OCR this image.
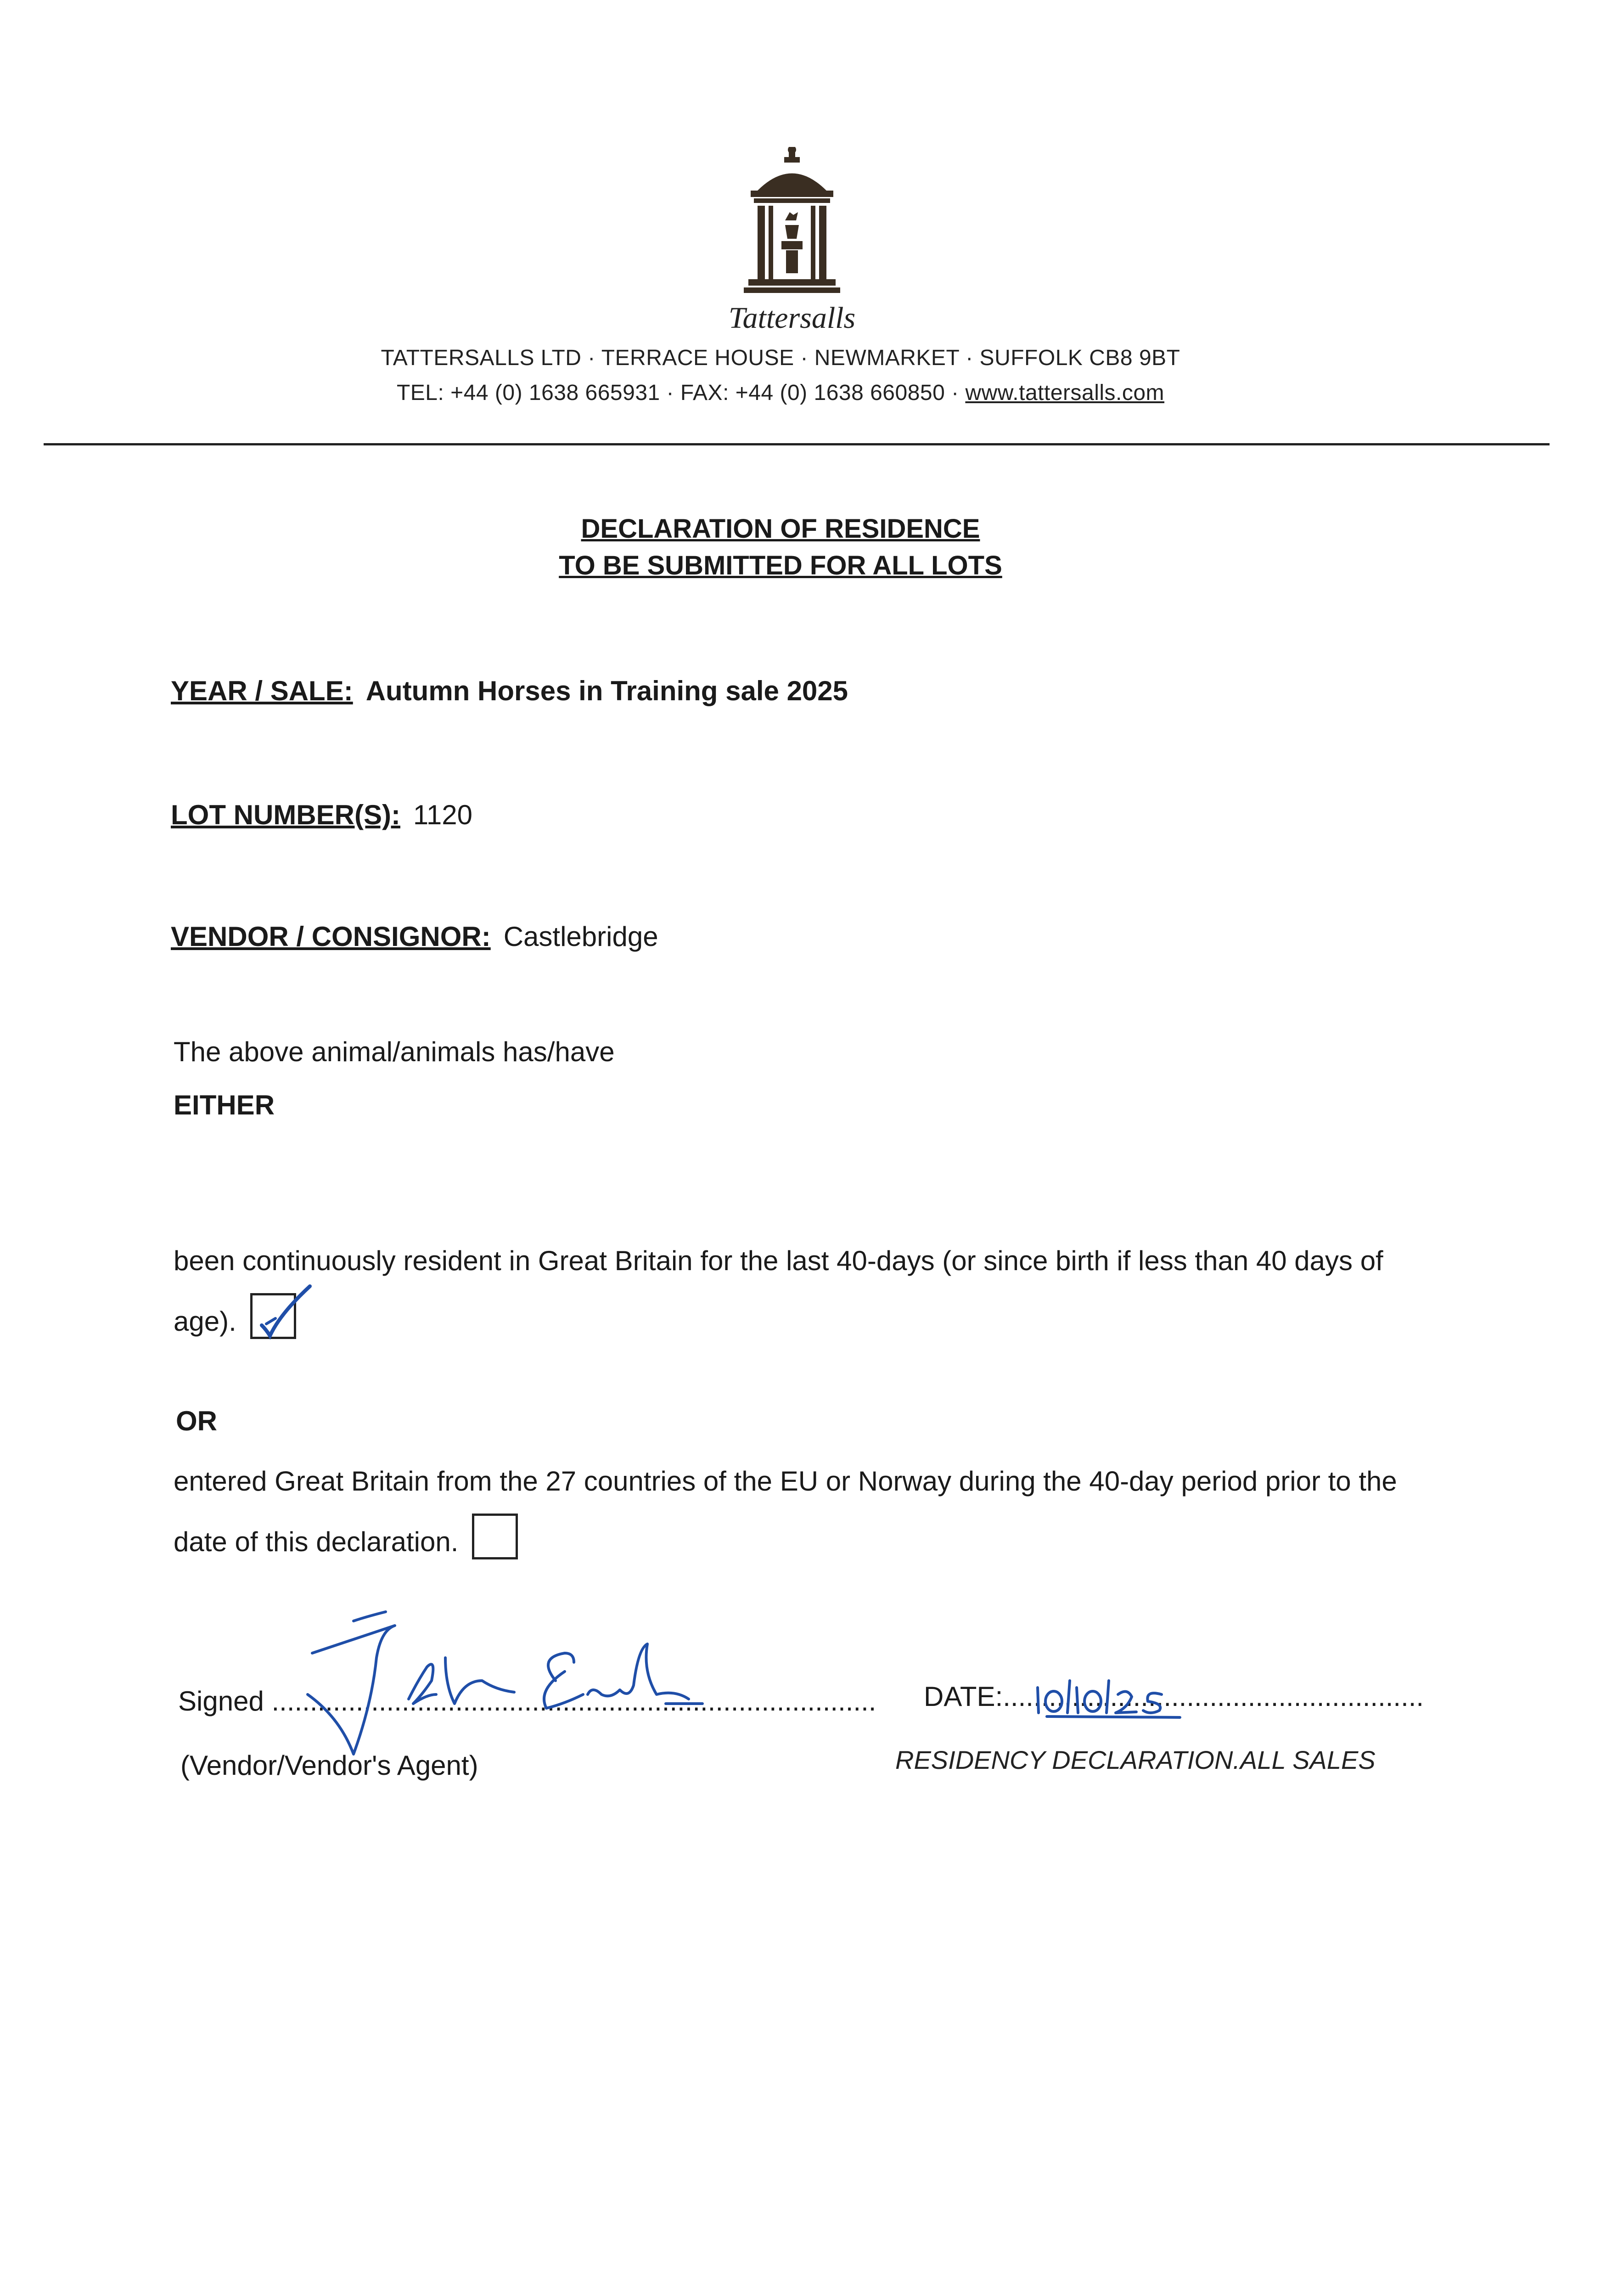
Tattersalls
TATTERSALLS LTD · TERRACE HOUSE · NEWMARKET · SUFFOLK CB8 9BT
TEL: +44 (0) 1638 665931 · FAX: +44 (0) 1638 660850 · www.tattersalls.com
DECLARATION OF RESIDENCE
TO BE SUBMITTED FOR ALL LOTS
YEAR / SALE: Autumn Horses in Training sale 2025
LOT NUMBER(S): 1120
VENDOR / CONSIGNOR: Castlebridge
The above animal/animals has/have
EITHER
been continuously resident in Great Britain for the last 40-days (or since birth if less than 40 days of age).
OR
entered Great Britain from the 27 countries of the EU or Norway during the 40-day period prior to the date of this declaration.
Signed ...............................................................................
(Vendor/Vendor's Agent)
DATE:.......................................................
RESIDENCY DECLARATION.ALL SALES
